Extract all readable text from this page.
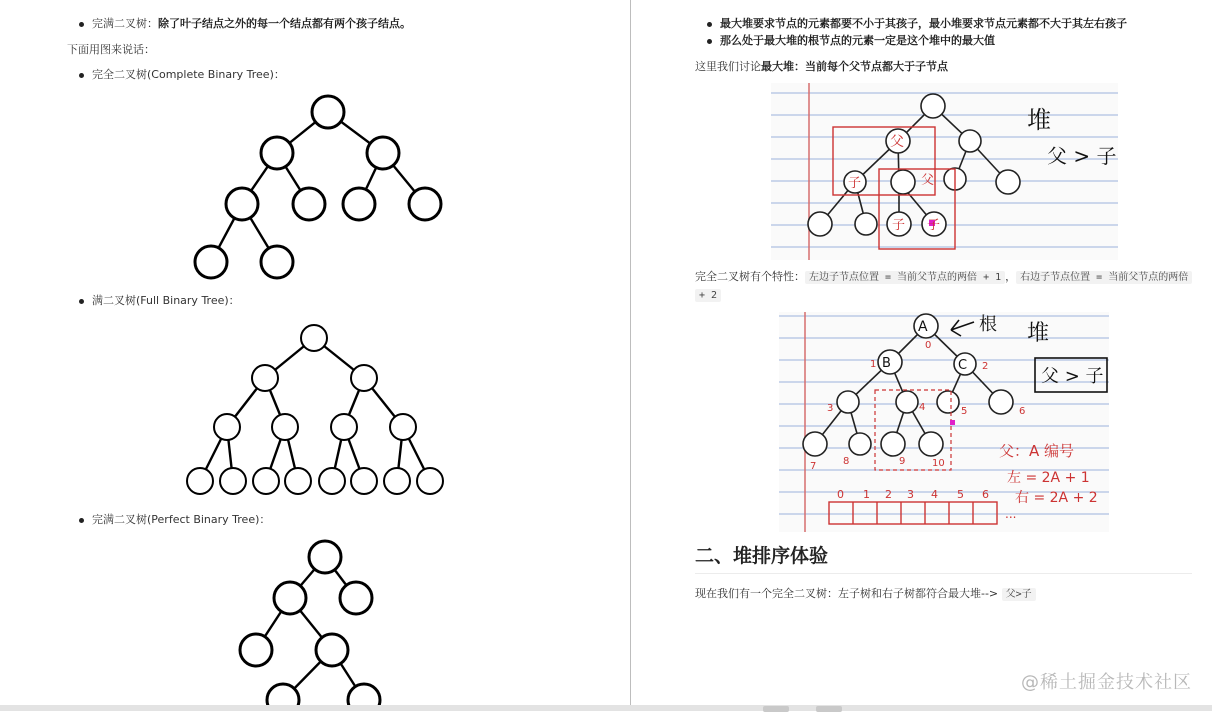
完满二叉树：除了叶子结点之外的每一个结点都有两个孩子结点。
下面用图来说话：
完全二叉树(Complete Binary Tree)：
满二叉树(Full Binary Tree)：
完满二叉树(Perfect Binary Tree)：
最大堆要求节点的元素都要不小于其孩子，最小堆要求节点元素都不大于其左右孩子
那么处于最大堆的根节点的元素一定是这个堆中的最大值
这里我们讨论最大堆：当前每个父节点都大于子节点
父
子	父
子 子
堆
父 > 子
完全二叉树有个特性： 左边子节点位置 = 当前父节点的两倍 + 1 ， 右边子节点位置 = 当前父节点的两倍
+ 2
A
B	C
根 堆
父 > 子
0
1	2
3	4	5	6
7	8	9	10
父：A 编号
左 = 2A + 1
右 = 2A + 2
0 1 2 3 4 5 6
...
二、堆排序体验
现在我们有一个完全二叉树：左子树和右子树都符合最大堆--> 父>子
@稀土掘金技术社区
